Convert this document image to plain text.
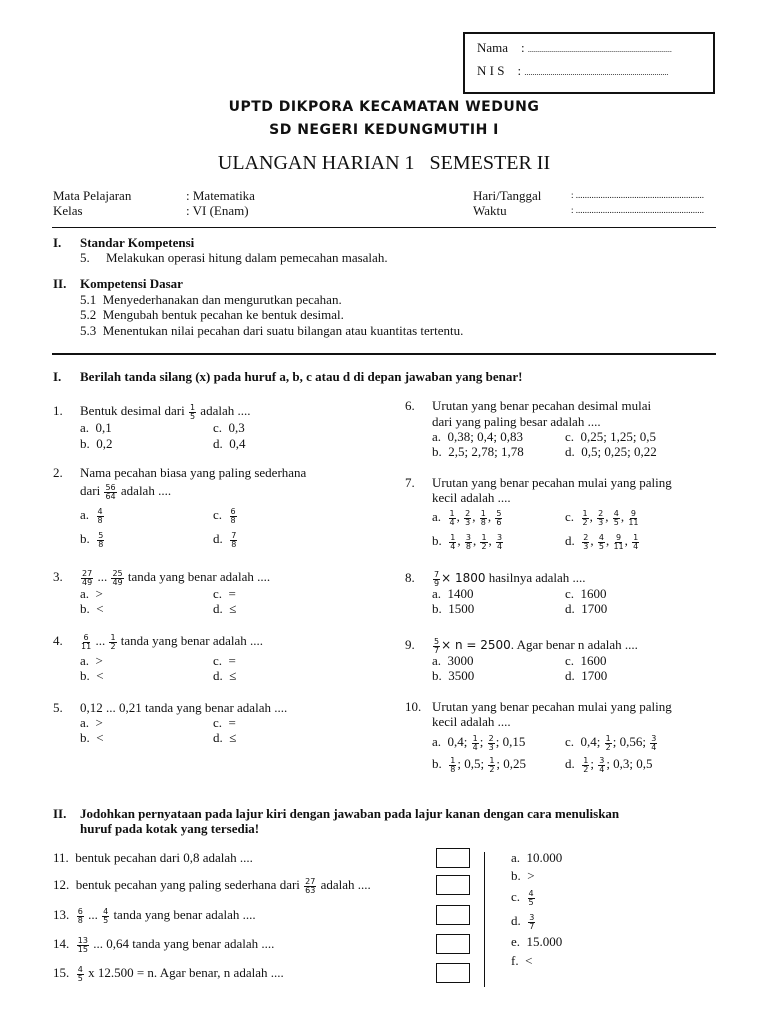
Nama : ........................................................................
N I S : ........................................................................
UPTD DIKPORA KECAMATAN WEDUNG
SD NEGERI KEDUNGMUTIH I
ULANGAN HARIAN 1   SEMESTER II
Mata Pelajaran	: Matematika
Kelas	: VI (Enam)
Hari/Tanggal	: .........................................................
Waktu	: .........................................................
I. Standar Kompetensi
5.     Melakukan operasi hitung dalam pemecahan masalah.
II. Kompetensi Dasar
5.1  Menyederhanakan dan mengurutkan pecahan.
5.2  Mengubah bentuk pecahan ke bentuk desimal.
5.3  Menentukan nilai pecahan dari suatu bilangan atau kuantitas tertentu.
I. Berilah tanda silang (x) pada huruf a, b, c atau d di depan jawaban yang benar!
1. Bentuk desimal dari $\frac{1}{5}$ adalah ....
a.  0,1
b.  0,2
c.  0,3
d.  0,4
2. Nama pecahan biasa yang paling sederhana
dari $\frac{56}{64}$ adalah ....
a. $\frac{4}{8}$
b. $\frac{5}{8}$
c. $\frac{6}{8}$
d. $\frac{7}{8}$
3. $\frac{27}{49}$ ... $\frac{25}{49}$ tanda yang benar adalah ....
a.  >
b.  <
c.  =
d.  ≤
4. $\frac{6}{11}$ ... $\frac{1}{2}$ tanda yang benar adalah ....
a.  >
b.  <
c.  =
d.  ≤
5. 0,12 ... 0,21 tanda yang benar adalah ....
a.  >
b.  <
c.  =
d.  ≤
6. Urutan yang benar pecahan desimal mulai
dari yang paling besar adalah ....
a.  0,38; 0,4; 0,83
b.  2,5; 2,78; 1,78
c.  0,25; 1,25; 0,5
d.  0,5; 0,25; 0,22
7. Urutan yang benar pecahan mulai yang paling
kecil adalah ....
a. $\frac{1}{4}$ , $\frac{2}{3}$ , $\frac{1}{8}$ , $\frac{5}{6}$
b. $\frac{1}{4}$ , $\frac{3}{8}$ , $\frac{1}{2}$ , $\frac{3}{4}$
c. $\frac{1}{2}$ , $\frac{2}{3}$ , $\frac{4}{5}$ , $\frac{9}{11}$
d. $\frac{2}{3}$ , $\frac{4}{5}$ , $\frac{9}{11}$ , $\frac{1}{4}$
8. $\frac{7}{9} \times 1800$ hasilnya adalah ....
a.  1400
b.  1500
c.  1600
d.  1700
9. $\frac{5}{7} \times n = 2500$. Agar benar n adalah ....
a.  3000
b.  3500
c.  1600
d.  1700
10. Urutan yang benar pecahan mulai yang paling
kecil adalah ....
a.  0,4; $\frac{1}{4}$ ; $\frac{2}{3}$ ; 0,15
b. $\frac{1}{8}$ ; 0,5; $\frac{1}{2}$ ; 0,25
c.  0,4; $\frac{1}{2}$ ; 0,56; $\frac{3}{4}$
d. $\frac{1}{2}$ ; $\frac{3}{4}$ ; 0,3; 0,5
II. Jodohkan pernyataan pada lajur kiri dengan jawaban pada lajur kanan dengan cara menuliskan
huruf pada kotak yang tersedia!
11.  bentuk pecahan dari 0,8 adalah ....
12.  bentuk pecahan yang paling sederhana dari $\frac{27}{63}$ adalah ....
13. $\frac{6}{8}$ ... $\frac{4}{5}$ tanda yang benar adalah ....
14. $\frac{13}{15}$ ... 0,64 tanda yang benar adalah ....
15. $\frac{4}{5}$ x 12.500 = n. Agar benar, n adalah ....
a.  10.000
b.  >
c. $\frac{4}{5}$
d. $\frac{3}{7}$
e.  15.000
f.  <
